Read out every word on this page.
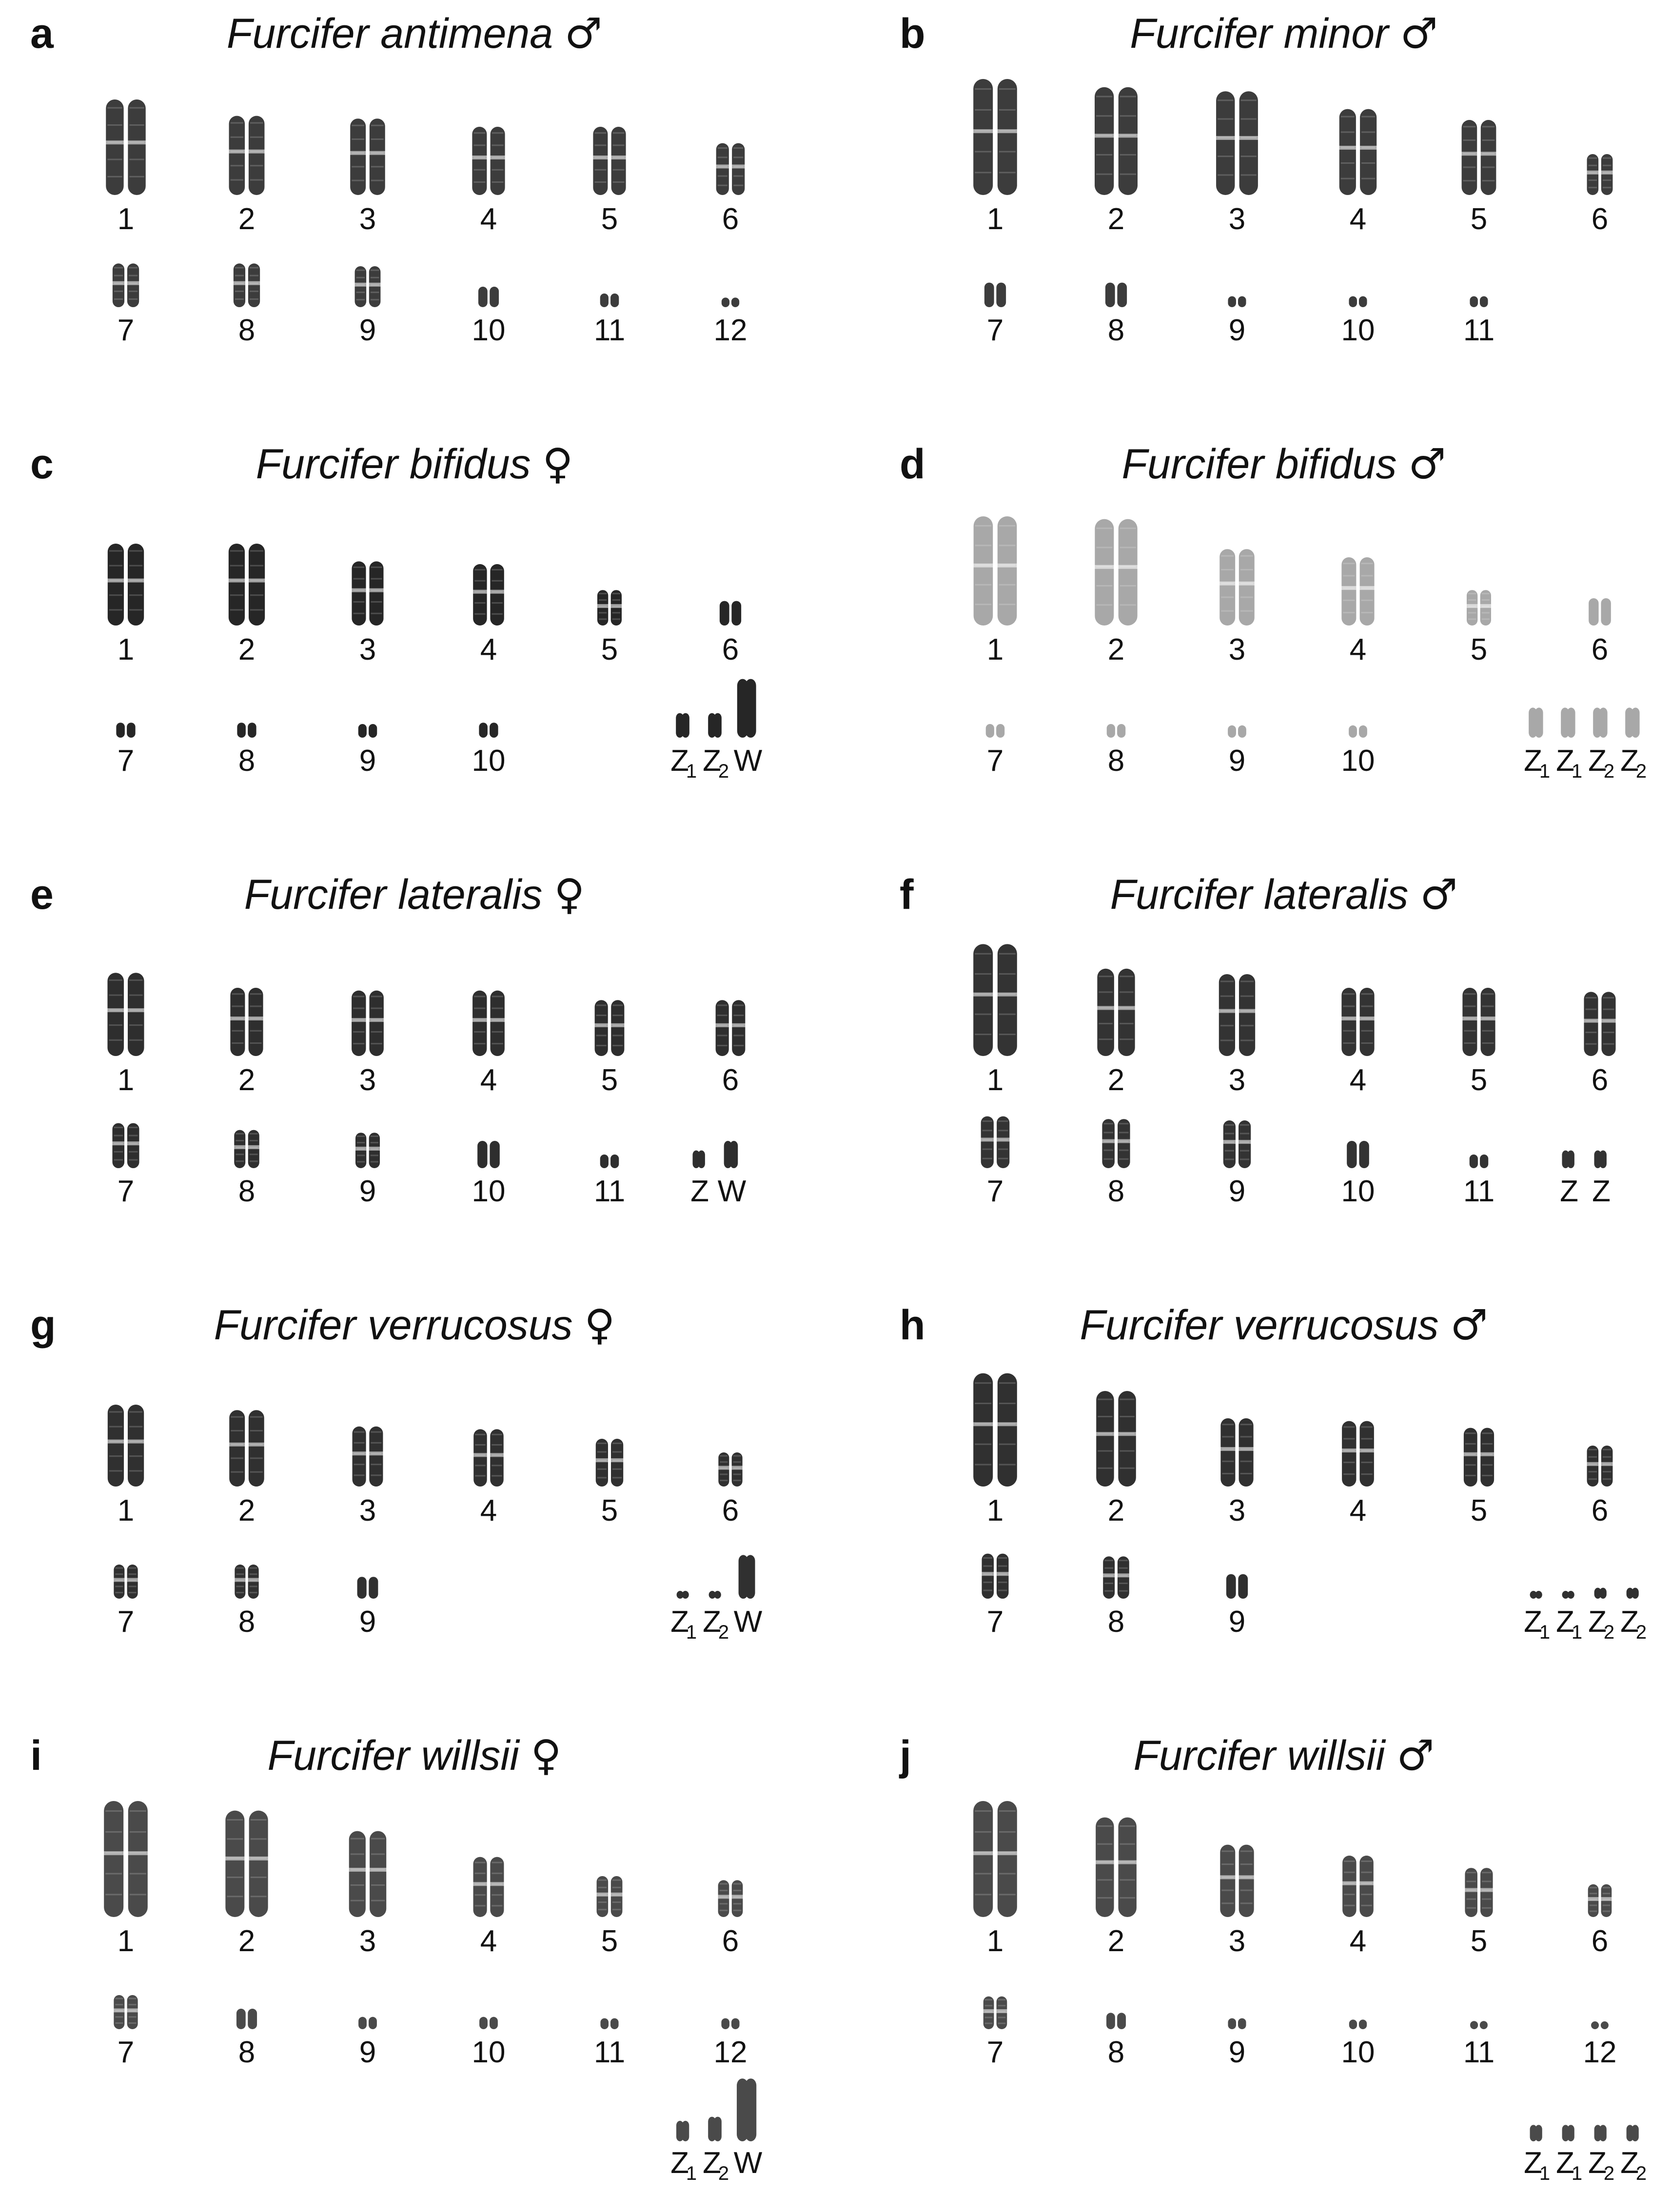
a	Furcifer antimena ♂
1	2	3	4	5	6
7	8	9	10	11	12
b	Furcifer minor ♂
1	2	3	4	5	6
7	8	9	10	11
c	Furcifer bifidus ♀
1	2	3	4	5	6
7	8	9	10	Z
1 Z
2 W
d	Furcifer bifidus ♂
1	2	3	4	5	6
7	8	9	10	Z
1 Z
1 Z
2 Z
2
e	Furcifer lateralis ♀
1	2	3	4	5	6
7	8	9	10	11 Z W
f	Furcifer lateralis ♂
1	2	3	4	5	6
7	8	9	10	11 Z Z
g	Furcifer verrucosus ♀
1	2	3	4	5	6
7	8	9	Z
1 Z
2 W
h	Furcifer verrucosus ♂
1	2	3	4	5	6
7	8	9	Z
1 Z
1 Z
2 Z
2
i	Furcifer willsii ♀
1	2	3	4	5	6
7	8	9	10	11	12
Z
1 Z
2 W
j	Furcifer willsii ♂
1	2	3	4	5	6
7	8	9	10	11	12
Z
1 Z
1 Z
2 Z
2
